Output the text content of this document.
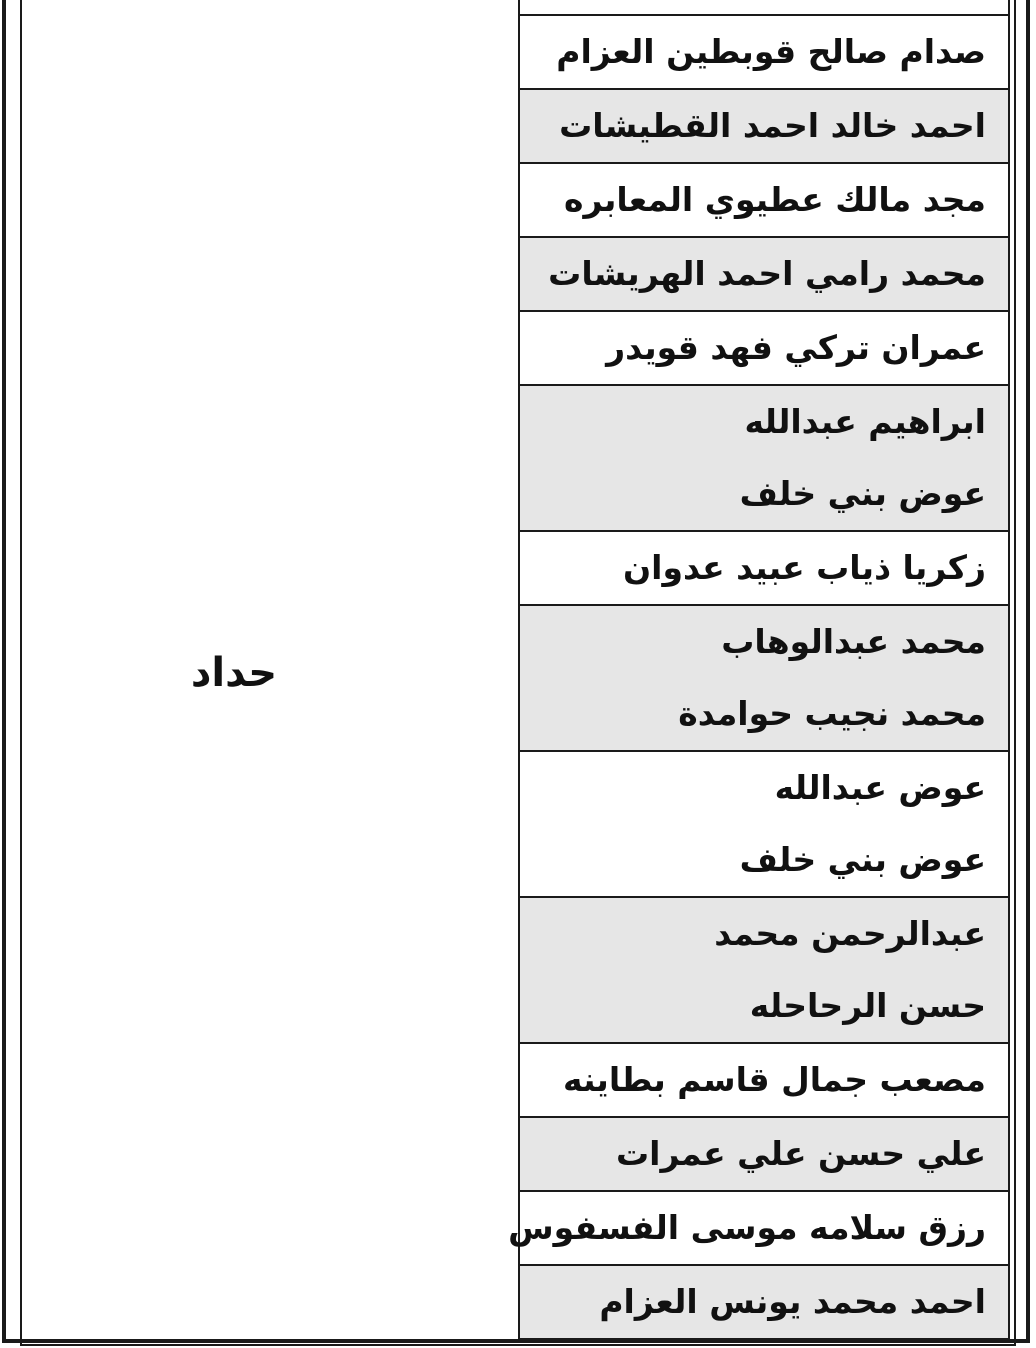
حداد
صدام صالح قوبطين العزام
احمد خالد احمد القطيشات
مجد مالك عطيوي المعابره
محمد رامي احمد الهريشات
عمران تركي فهد قويدر
ابراهيم عبدالله
عوض بني خلف
زكريا ذياب عبيد عدوان
محمد عبدالوهاب
محمد نجيب حوامدة
عوض عبدالله
عوض بني خلف
عبدالرحمن محمد
حسن الرحاحله
مصعب جمال قاسم بطاينه
علي حسن علي عمرات
رزق سلامه موسى الفسفوس
احمد محمد يونس العزام
